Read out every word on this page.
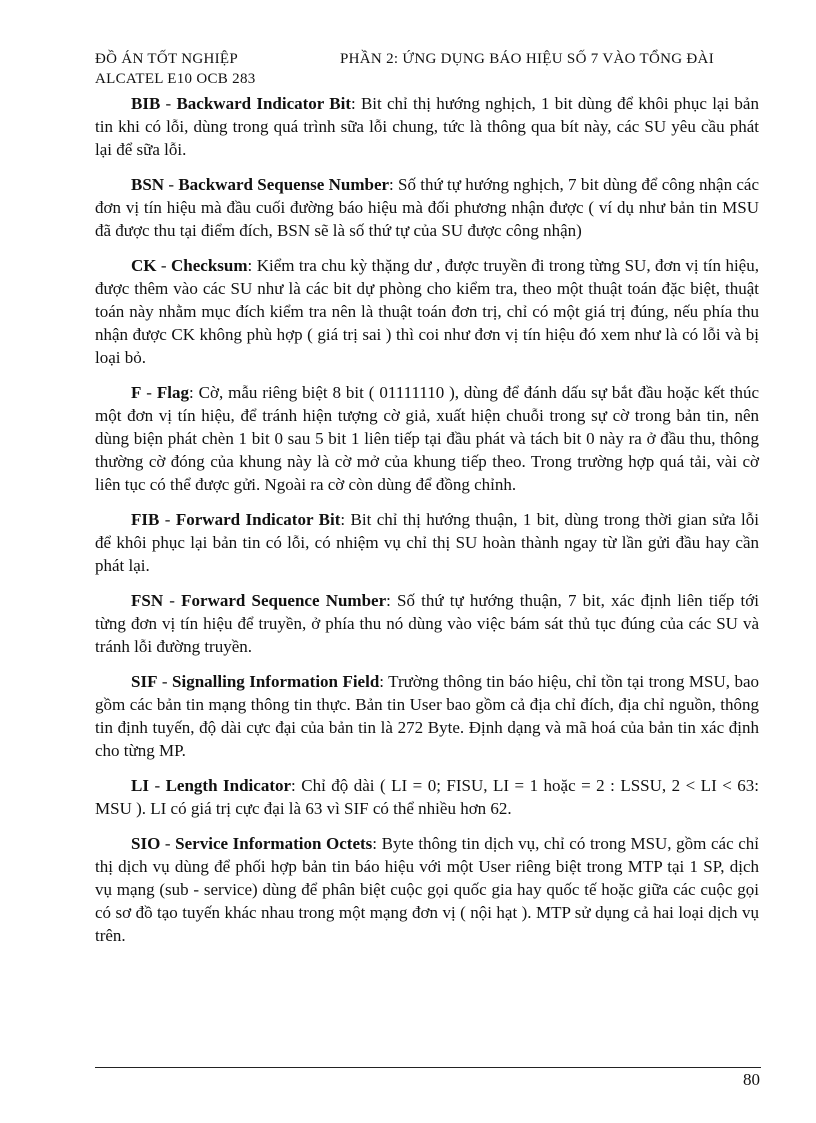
ĐỒ ÁN TỐT NGHIỆP
ALCATEL E10 OCB 283
PHẦN 2: ỨNG DỤNG BÁO HIỆU SỐ 7 VÀO TỔNG ĐÀI

BIB - Backward Indicator Bit: Bit chỉ thị hướng nghịch, 1 bit dùng để khôi phục lại bản tin khi có lỗi, dùng trong quá trình sữa lỗi chung, tức là thông qua bít này, các SU yêu cầu phát lại để sữa lỗi.

BSN - Backward Sequense Number: Số thứ tự hướng nghịch, 7 bit dùng để công nhận các đơn vị tín hiệu mà đầu cuối đường báo hiệu mà đối phương nhận được ( ví dụ như bản tin MSU đã được thu tại điểm đích, BSN sẽ là số thứ tự của SU được công nhận)

CK - Checksum: Kiểm tra chu kỳ thặng dư , được truyền đi trong từng SU, đơn vị tín hiệu, được thêm vào các SU như là các bit dự phòng cho kiểm tra, theo một thuật toán đặc biệt, thuật toán này nhằm mục đích kiểm tra nên là thuật toán đơn trị, chỉ có một giá trị đúng, nếu phía thu nhận được CK không phù hợp ( giá trị sai ) thì coi như đơn vị tín hiệu đó xem như là có lỗi và bị loại bỏ.

F - Flag: Cờ, mẫu riêng biệt 8 bit ( 01111110 ), dùng để đánh dấu sự bắt đầu hoặc kết thúc một đơn vị tín hiệu, để tránh hiện tượng cờ giả, xuất hiện chuỗi trong sự cờ trong bản tin, nên dùng biện phát chèn 1 bit 0 sau 5 bit 1 liên tiếp tại đầu phát và tách bit 0 này ra ở đầu thu, thông thường cờ đóng của khung này là cờ mở của khung tiếp theo. Trong trường hợp quá tải, vài cờ liên tục có thể được gửi. Ngoài ra cờ còn dùng để đồng chỉnh.

FIB - Forward Indicator Bit: Bit chỉ thị hướng thuận, 1 bit, dùng trong thời gian sửa lỗi để khôi phục lại bản tin có lỗi, có nhiệm vụ chỉ thị SU hoàn thành ngay từ lần gửi đầu hay cần phát lại.

FSN - Forward Sequence Number: Số thứ tự hướng thuận, 7 bit, xác định liên tiếp tới từng đơn vị tín hiệu để truyền, ở phía thu nó dùng vào việc bám sát thủ tục đúng của các SU và tránh lỗi đường truyền.

SIF - Signalling Information Field: Trường thông tin báo hiệu, chỉ tồn tại trong MSU, bao gồm các bản tin mạng thông tin thực. Bản tin User bao gồm cả địa chỉ đích, địa chỉ nguồn, thông tin định tuyến, độ dài cực đại của bản tin là 272 Byte. Định dạng và mã hoá của bản tin xác định cho từng MP.

LI - Length Indicator: Chỉ độ dài ( LI = 0; FISU, LI = 1 hoặc = 2 : LSSU, 2 < LI < 63: MSU ). LI có giá trị cực đại là 63 vì SIF có thể nhiều hơn 62.

SIO - Service Information Octets: Byte thông tin dịch vụ, chỉ có trong MSU, gồm các chỉ thị dịch vụ dùng để phối hợp bản tin báo hiệu với một User riêng biệt trong MTP tại 1 SP, dịch vụ mạng (sub - service) dùng để phân biệt cuộc gọi quốc gia hay quốc tế hoặc giữa các cuộc gọi có sơ đồ tạo tuyến khác nhau trong một mạng đơn vị ( nội hạt ). MTP sử dụng cả hai loại dịch vụ trên.

80
